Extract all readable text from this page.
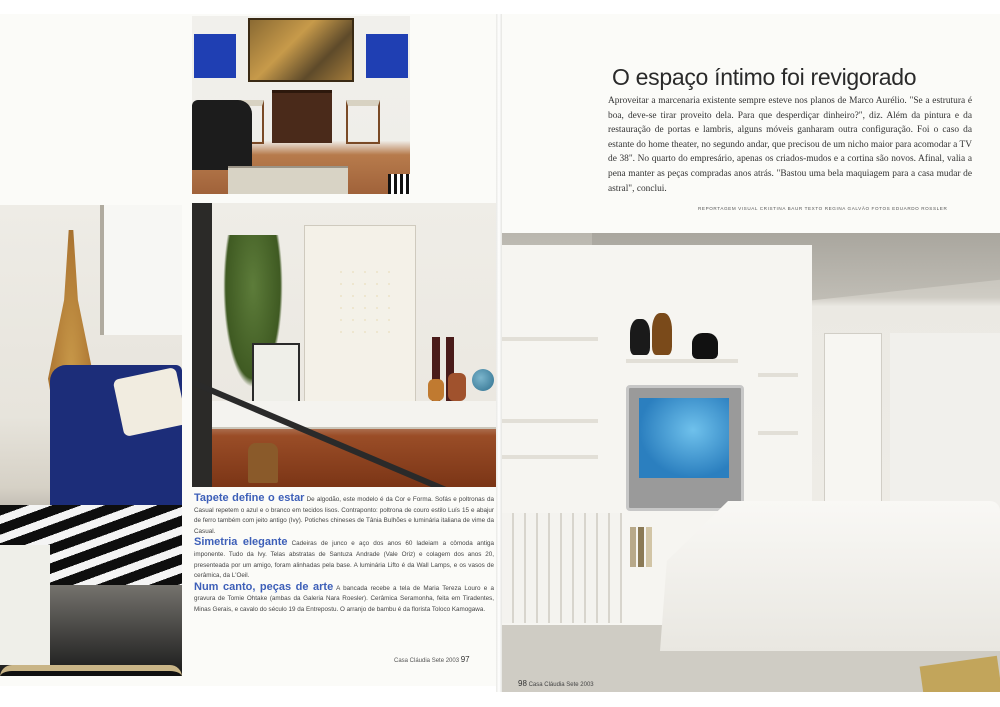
O espaço íntimo foi revigorado
Aproveitar a marcenaria existente sempre esteve nos planos de Marco Aurélio. "Se a estrutura é boa, deve-se tirar proveito dela. Para que desperdiçar dinheiro?", diz. Além da pintura e da restauração de portas e lambris, alguns móveis ganharam outra configuração. Foi o caso da estante do home theater, no segundo andar, que precisou de um nicho maior para acomodar a TV de 38". No quarto do empresário, apenas os criados-mudos e a cortina são novos. Afinal, valia a pena manter as peças compradas anos atrás. "Bastou uma bela maquiagem para a casa mudar de astral", conclui.
REPORTAGEM VISUAL CRISTINA BAUR TEXTO REGINA GALVÃO FOTOS EDUARDO ROSSLER
Tapete define o estar De algodão, este modelo é da Cor e Forma. Sofás e poltronas da Casual repetem o azul e o branco em tecidos lisos. Contraponto: poltrona de couro estilo Luís 15 e abajur de ferro também com jeito antigo (Ivy). Potiches chineses de Tânia Bulhões e luminária italiana de vime da Casual.
Simetria elegante Cadeiras de junco e aço dos anos 60 ladeiam a cômoda antiga imponente. Tudo da Ivy. Telas abstratas de Santuza Andrade (Vale Oriz) e colagem dos anos 20, presenteada por um amigo, foram alinhadas pela base. A luminária Lifto é da Wall Lamps, e os vasos de cerâmica, da L'Oeil.
Num canto, peças de arte A bancada recebe a tela de Maria Tereza Louro e a gravura de Tomie Ohtake (ambas da Galeria Nara Roesler). Cerâmica Seramonha, feita em Tiradentes, Minas Gerais, e cavalo do século 19 da Entrepostu. O arranjo de bambu é da florista Toloco Kamogawa.
Casa Cláudia Sete 2003 97
98 Casa Cláudia Sete 2003
